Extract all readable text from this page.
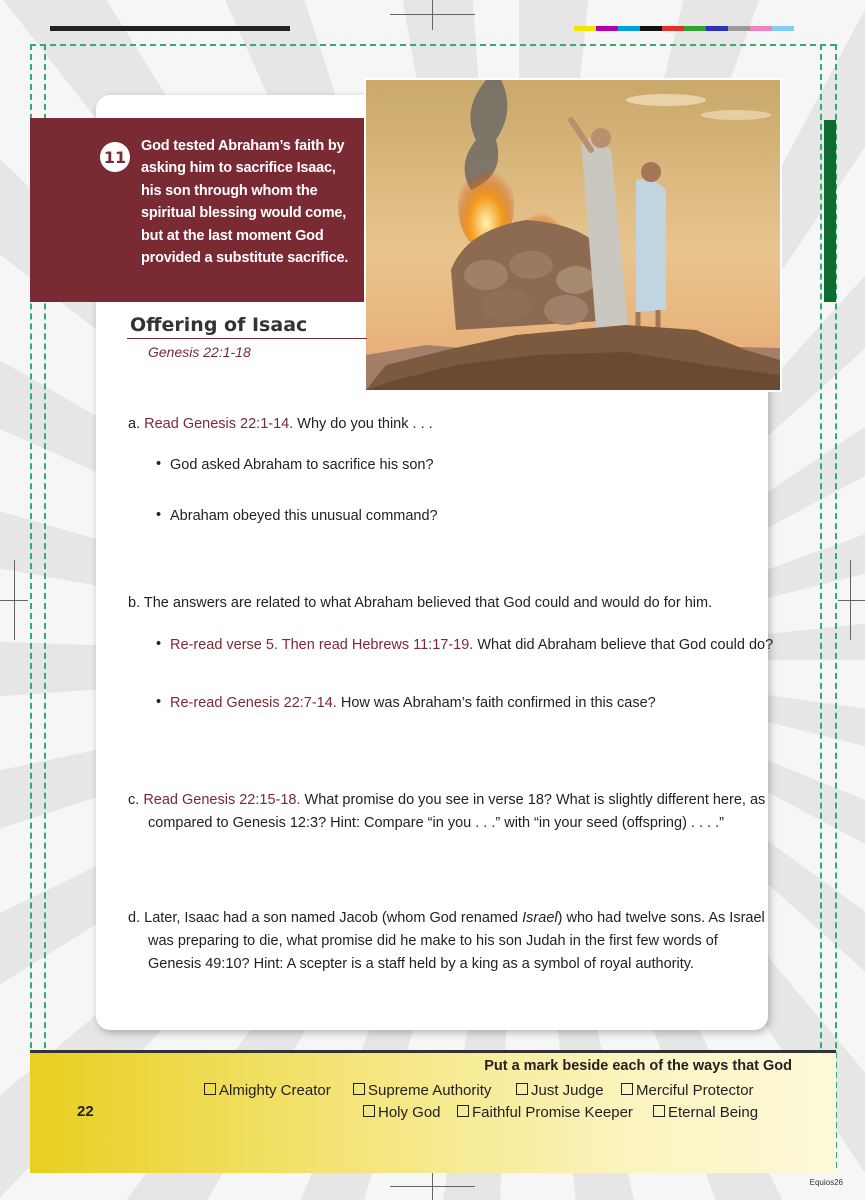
11
God tested Abraham’s faith by asking him to sacrifice Isaac, his son through whom the spiritual blessing would come, but at the last moment God provided a substitute sacrifice.
Offering of Isaac
Genesis 22:1-18
a. Read Genesis 22:1-14. Why do you think . . .
• God asked Abraham to sacrifice his son?
• Abraham obeyed this unusual command?
b. The answers are related to what Abraham believed that God could and would do for him.
• Re-read verse 5. Then read Hebrews 11:17-19. What did Abraham believe that God could do?
• Re-read Genesis 22:7-14. How was Abraham’s faith confirmed in this case?
c. Read Genesis 22:15-18. What promise do you see in verse 18? What is slightly different here, as
compared to Genesis 12:3? Hint: Compare “in you . . .” with “in your seed (offspring) . . . .”
d. Later, Isaac had a son named Jacob (whom God renamed Israel) who had twelve sons. As Israel
was preparing to die, what promise did he make to his son Judah in the first few words of
Genesis 49:10? Hint: A scepter is a staff held by a king as a symbol of royal authority.
Put a mark beside each of the ways that God
Almighty Creator	Supreme Authority	Just Judge	Merciful Protector
Holy God	Faithful Promise Keeper	Eternal Being
22
Equios26
